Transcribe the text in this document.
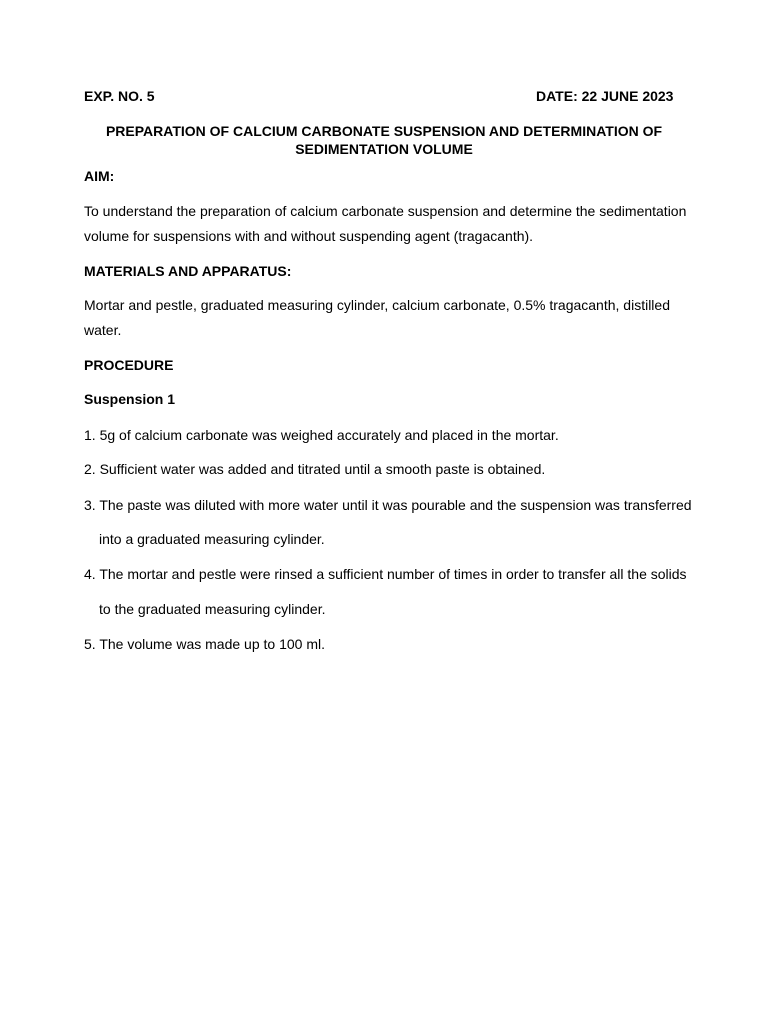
EXP. NO. 5	DATE: 22 JUNE 2023
PREPARATION OF CALCIUM CARBONATE SUSPENSION AND DETERMINATION OF
SEDIMENTATION VOLUME
AIM:
To understand the preparation of calcium carbonate suspension and determine the sedimentation
volume for suspensions with and without suspending agent (tragacanth).
MATERIALS AND APPARATUS:
Mortar and pestle, graduated measuring cylinder, calcium carbonate, 0.5% tragacanth, distilled
water.
PROCEDURE
Suspension 1
1. 5g of calcium carbonate was weighed accurately and placed in the mortar.
2. Sufficient water was added and titrated until a smooth paste is obtained.
3. The paste was diluted with more water until it was pourable and the suspension was transferred
into a graduated measuring cylinder.
4. The mortar and pestle were rinsed a sufficient number of times in order to transfer all the solids
to the graduated measuring cylinder.
5. The volume was made up to 100 ml.
